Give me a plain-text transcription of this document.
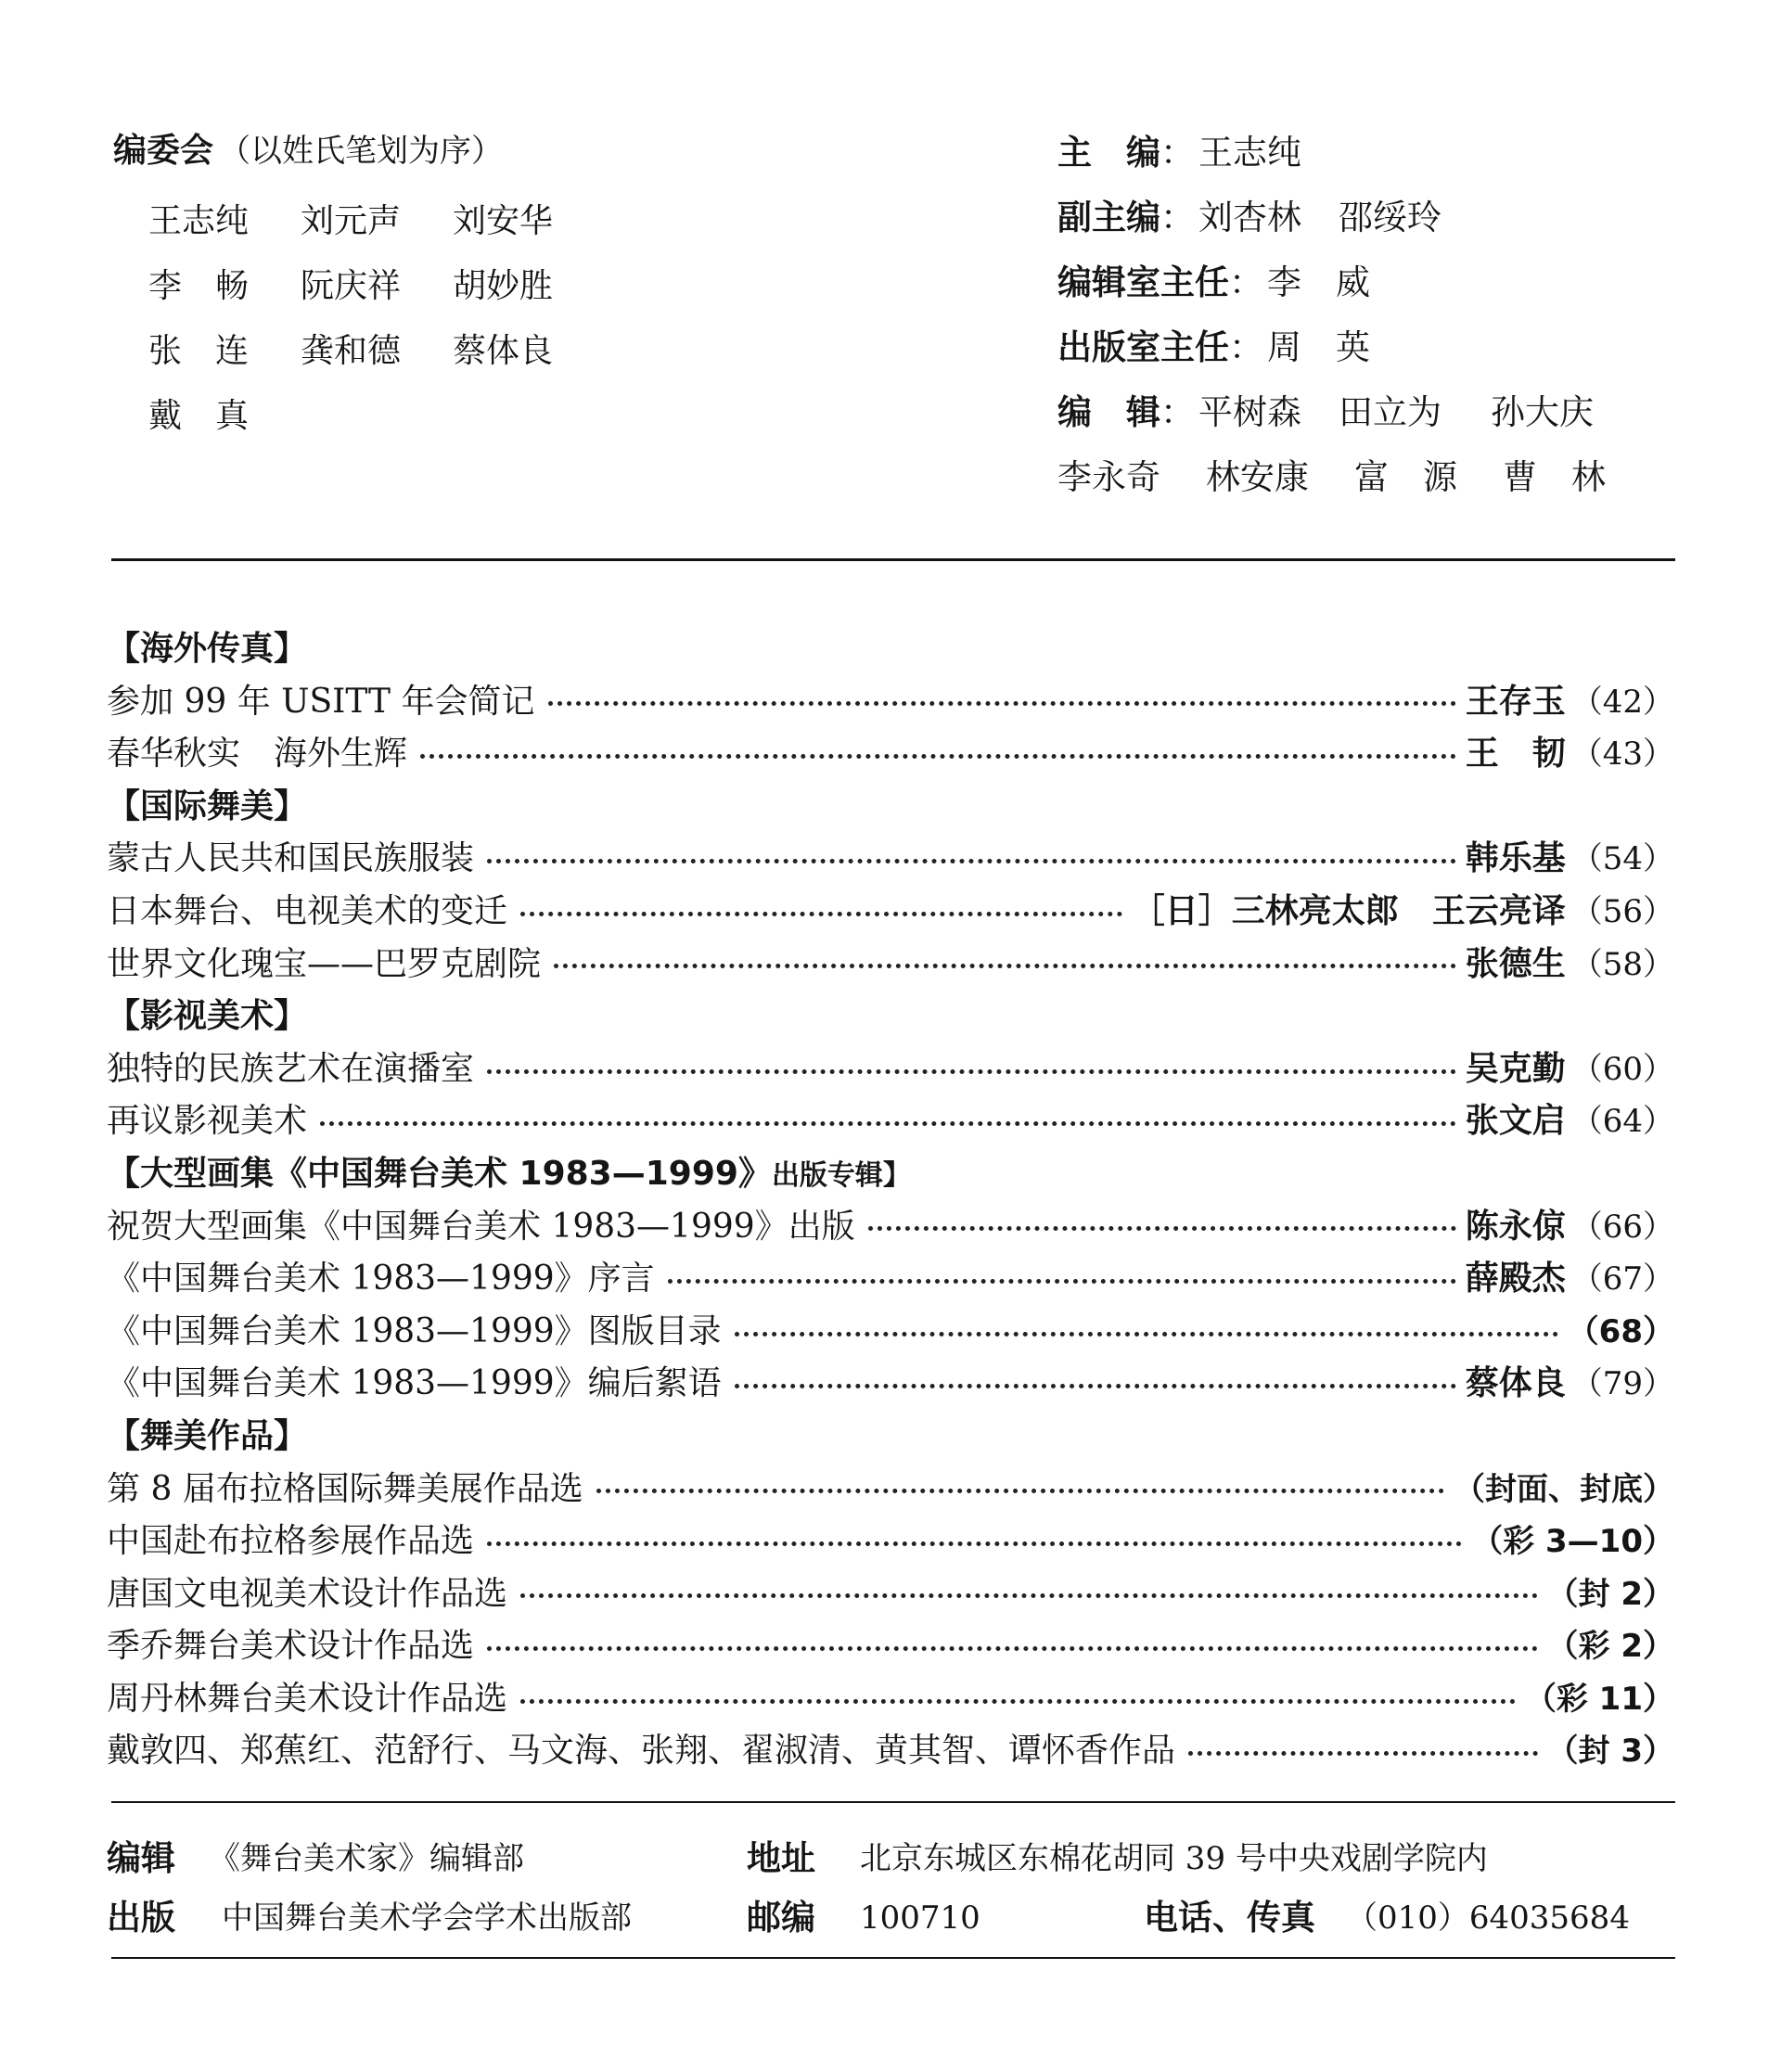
编委会 （以姓氏笔划为序）
王志纯	刘元声	刘安华
李　畅	阮庆祥	胡妙胜
张　连	龚和德	蔡体良
戴　真
主　编 ： 王志纯
副主编 ： 刘杏林 邵绥玲
编辑室主任 ： 李　威
出版室主任 ： 周　英
编　辑 ： 平树森 田立为	孙大庆
李永奇	林安康	富　源	曹　林
【海外传真】
参加 99 年 USITT 年会简记	王存玉 （42）
春华秋实　海外生辉	王　韧 （43）
【国际舞美】
蒙古人民共和国民族服装	韩乐基 （54）
日本舞台、电视美术的变迁	［日］三林亮太郎　王云亮译 （56）
世界文化瑰宝——巴罗克剧院	张德生 （58）
【影视美术】
独特的民族艺术在演播室	吴克勤 （60）
再议影视美术	张文启 （64）
【大型画集《中国舞台美术 1983—1999》出版专辑】
祝贺大型画集《中国舞台美术 1983—1999》出版	陈永倞 （66）
《中国舞台美术 1983—1999》序言	薛殿杰 （67）
《中国舞台美术 1983—1999》图版目录	（68）
《中国舞台美术 1983—1999》编后絮语	蔡体良 （79）
【舞美作品】
第 8 届布拉格国际舞美展作品选	（封面、封底）
中国赴布拉格参展作品选	（彩 3—10）
唐国文电视美术设计作品选	（封 2）
季乔舞台美术设计作品选	（彩 2）
周丹林舞台美术设计作品选	（彩 11）
戴敦四、郑蕉红、范舒行、马文海、张翔、翟淑清、黄其智、谭怀香作品	（封 3）
编辑 《舞台美术家》编辑部	地址 北京东城区东棉花胡同 39 号中央戏剧学院内
出版 中国舞台美术学会学术出版部	邮编 100710	电话、传真 （010）64035684
